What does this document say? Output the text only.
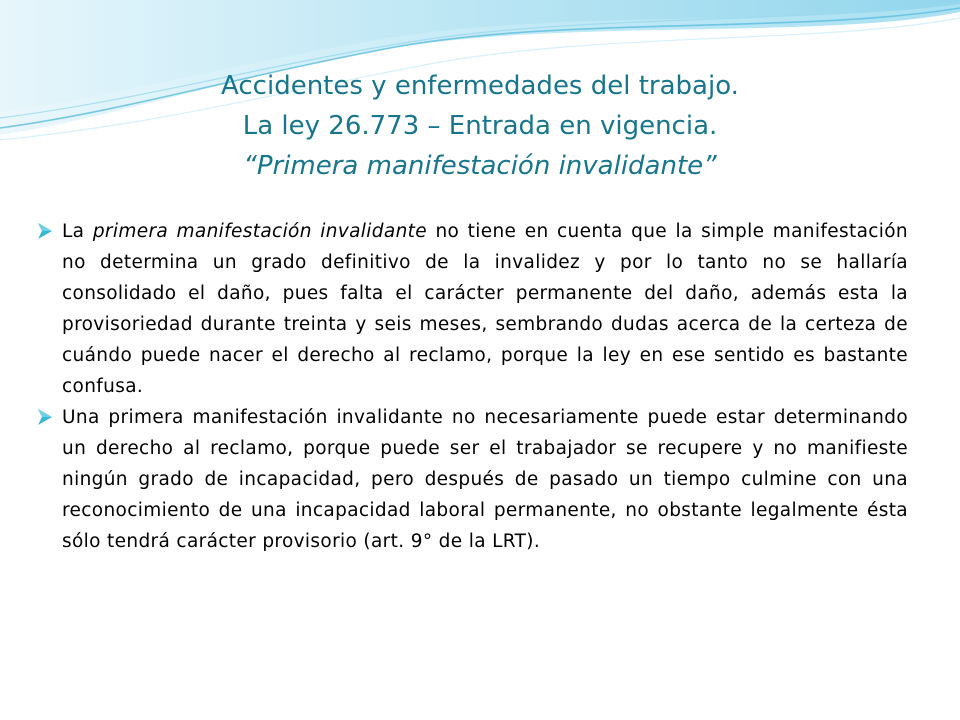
Accidentes y enfermedades del trabajo.
La ley 26.773 – Entrada en vigencia.
“Primera manifestación invalidante”
La primera manifestación invalidante no tiene en cuenta que la simple manifestación no determina un grado definitivo de la invalidez y por lo tanto no se hallaría consolidado el daño, pues falta el carácter permanente del daño, además esta la provisoriedad durante treinta y seis meses, sembrando dudas acerca de la certeza de cuándo puede nacer el derecho al reclamo, porque la ley en ese sentido es bastante confusa.
Una primera manifestación invalidante no necesariamente puede estar determinando un derecho al reclamo, porque puede ser el trabajador se recupere y no manifieste ningún grado de incapacidad, pero después de pasado un tiempo culmine con una reconocimiento de una incapacidad laboral permanente, no obstante legalmente ésta sólo tendrá carácter provisorio (art. 9° de la LRT).
